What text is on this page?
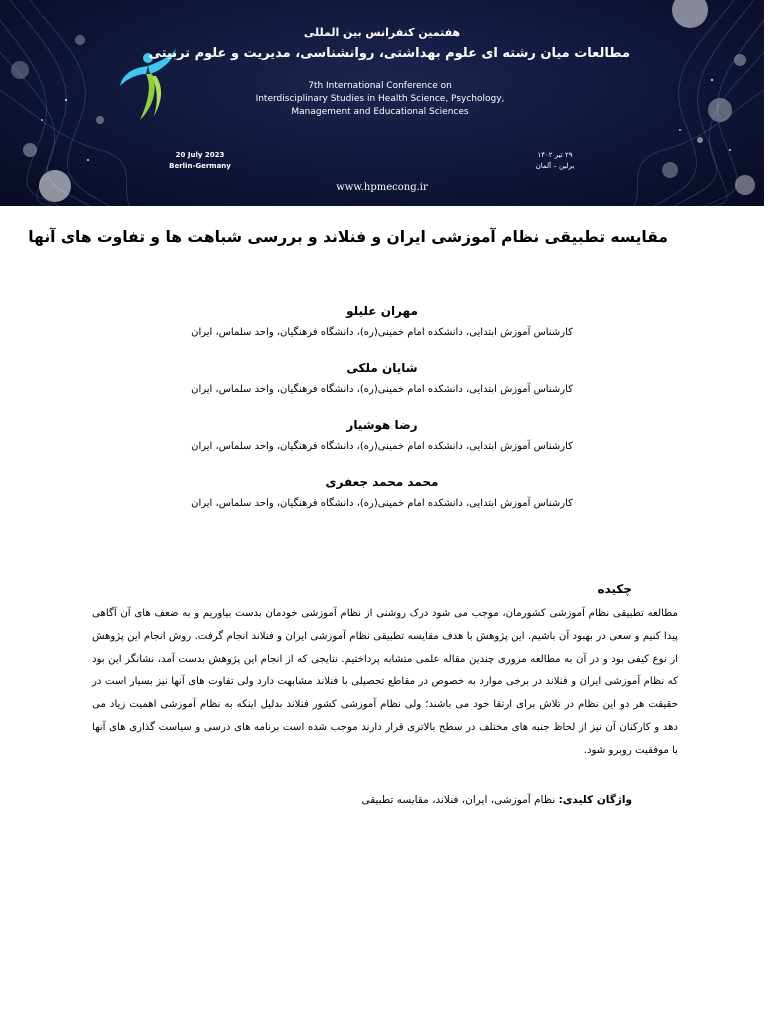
هفتمین کنفرانس بین المللی
مطالعات میان رشته ای علوم بهداشتی، روانشناسی، مدیریت و علوم تربیتی
7th International Conference on
Interdisciplinary Studies in Health Science, Psychology,
Management and Educational Sciences
20 July 2023
Berlin-Germany
۲۹ تیر ۱۴۰۲
برلین – آلمان
www.hpmecong.ir
مقایسه تطبیقی نظام آموزشی ایران و فنلاند و بررسی شباهت ها و تفاوت های آنها
مهران علیلو
کارشناس آموزش ابتدایی، دانشکده امام خمینی(ره)، دانشگاه فرهنگیان، واحد سلماس، ایران
شایان ملکی
کارشناس آموزش ابتدایی، دانشکده امام خمینی(ره)، دانشگاه فرهنگیان، واحد سلماس، ایران
رضا هوشیار
کارشناس آموزش ابتدایی، دانشکده امام خمینی(ره)، دانشگاه فرهنگیان، واحد سلماس، ایران
محمد محمد جعفری
کارشناس آموزش ابتدایی، دانشکده امام خمینی(ره)، دانشگاه فرهنگیان، واحد سلماس، ایران
چکیده
مطالعه تطبیقی نظام آموزشی کشورمان، موجب می شود درک روشنی از نظام آموزشی خودمان بدست بیاوریم و به ضعف های آن آگاهی پیدا کنیم و سعی در بهبود آن باشیم. این پژوهش با هدف مقایسه تطبیقی نظام آموزشی ایران و فنلاند انجام گرفت. روش انجام این پژوهش از نوع کیفی بود و در آن به مطالعه مروری چندین مقاله علمی متشابه پرداختیم. نتایجی که از انجام این پژوهش بدست آمد، نشانگر این بود که نظام آموزشی ایران و فنلاند در برخی موارد به خصوص در مقاطع تحصیلی با فنلاند مشابهت دارد ولی تفاوت های آنها نیز بسیار است در حقیقت هر دو این نظام در تلاش برای ارتقا خود می باشند؛ ولی نظام آموزشی کشور فنلاند بدلیل اینکه به نظام آموزشی اهمیت زیاد می دهد و کارکنان آن نیز از لحاظ جنبه های مختلف در سطح بالاتری قرار دارند موجب شده است برنامه های درسی و سیاست گذاری های آنها با موفقیت روبرو شود.
واژگان کلیدی: نظام آموزشی، ایران، فنلاند، مقایسه تطبیقی
